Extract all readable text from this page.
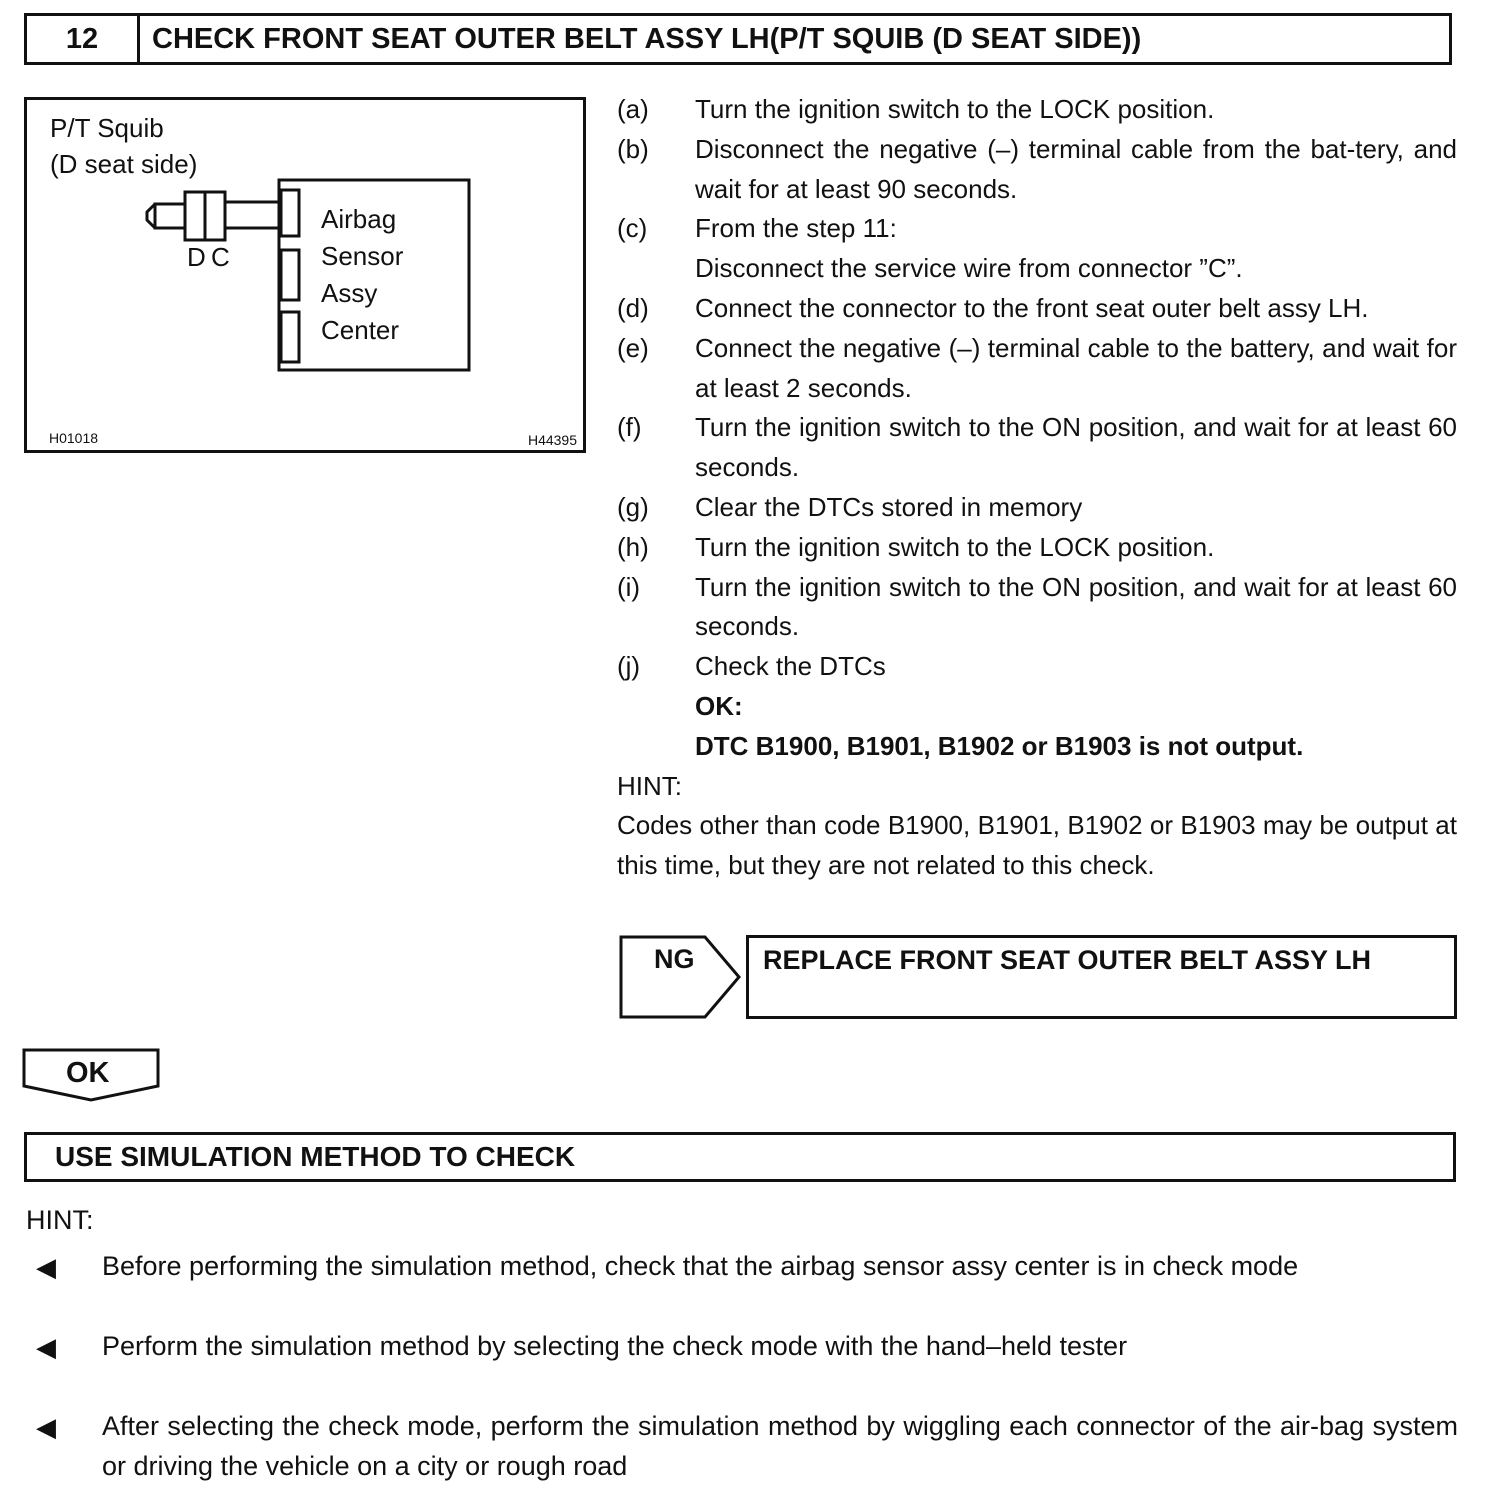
12	CHECK FRONT SEAT OUTER BELT ASSY LH(P/T SQUIB (D SEAT SIDE))
P/T Squib
(D seat side)
D C
Airbag
Sensor
Assy
Center
H01018	H44395
(a)	Turn the ignition switch to the LOCK position.
(b)	Disconnect the negative (–) terminal cable from the bat-tery, and wait for at least 90 seconds.
(c)	From the step 11:
Disconnect the service wire from connector ”C”.
(d)	Connect the connector to the front seat outer belt assy LH.
(e)	Connect the negative (–) terminal cable to the battery, and wait for at least 2 seconds.
(f)	Turn the ignition switch to the ON position, and wait for at least 60 seconds.
(g)	Clear the DTCs stored in memory
(h)	Turn the ignition switch to the LOCK position.
(i)	Turn the ignition switch to the ON position, and wait for at least 60 seconds.
(j)	Check the DTCs
OK:
DTC B1900, B1901, B1902 or B1903 is not output.
HINT:
Codes other than code B1900, B1901, B1902 or B1903 may be output at this time, but they are not related to this check.
NG	REPLACE FRONT SEAT OUTER BELT ASSY LH
OK
USE SIMULATION METHOD TO CHECK
HINT:
◀ Before performing the simulation method, check that the airbag sensor assy center is in check mode
◀ Perform the simulation method by selecting the check mode with the hand–held tester
◀ After selecting the check mode, perform the simulation method by wiggling each connector of the air-bag system or driving the vehicle on a city or rough road
